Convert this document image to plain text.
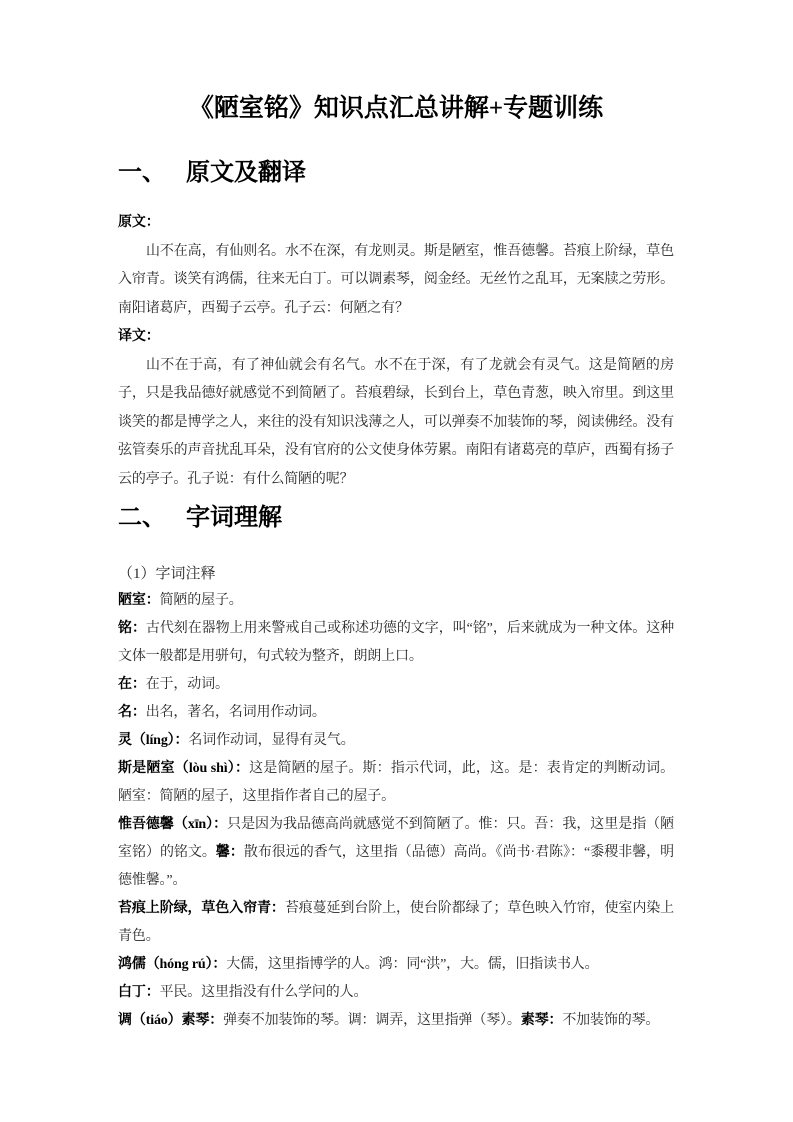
《陋室铭》知识点汇总讲解+专题训练
一、 原文及翻译

原文：

山不在高，有仙则名。水不在深，有龙则灵。斯是陋室，惟吾德馨。苔痕上阶绿，草色入帘青。谈笑有鸿儒，往来无白丁。可以调素琴，阅金经。无丝竹之乱耳，无案牍之劳形。南阳诸葛庐，西蜀子云亭。孔子云：何陋之有？

译文：

山不在于高，有了神仙就会有名气。水不在于深，有了龙就会有灵气。这是简陋的房子，只是我品德好就感觉不到简陋了。苔痕碧绿，长到台上，草色青葱，映入帘里。到这里谈笑的都是博学之人，来往的没有知识浅薄之人，可以弹奏不加装饰的琴，阅读佛经。没有弦管奏乐的声音扰乱耳朵，没有官府的公文使身体劳累。南阳有诸葛亮的草庐，西蜀有扬子云的亭子。孔子说：有什么简陋的呢？

二、 字词理解

（1）字词注释

陋室：简陋的屋子。

铭：古代刻在器物上用来警戒自己或称述功德的文字，叫“铭”，后来就成为一种文体。这种文体一般都是用骈句，句式较为整齐，朗朗上口。

在：在于，动词。

名：出名，著名，名词用作动词。

灵（líng）：名词作动词，显得有灵气。

斯是陋室（lòu shì）：这是简陋的屋子。斯：指示代词，此，这。是：表肯定的判断动词。陋室：简陋的屋子，这里指作者自己的屋子。

惟吾德馨（xīn）：只是因为我品德高尚就感觉不到简陋了。惟：只。吾：我，这里是指（陋室铭）的铭文。馨：散布很远的香气，这里指（品德）高尚。《尚书·君陈》：“黍稷非馨，明德惟馨。”。

苔痕上阶绿，草色入帘青：苔痕蔓延到台阶上，使台阶都绿了；草色映入竹帘，使室内染上青色。

鸿儒（hóng rú）：大儒，这里指博学的人。鸿：同“洪”，大。儒，旧指读书人。

白丁：平民。这里指没有什么学问的人。

调（tiáo）素琴：弹奏不加装饰的琴。调：调弄，这里指弹（琴）。素琴：不加装饰的琴。
